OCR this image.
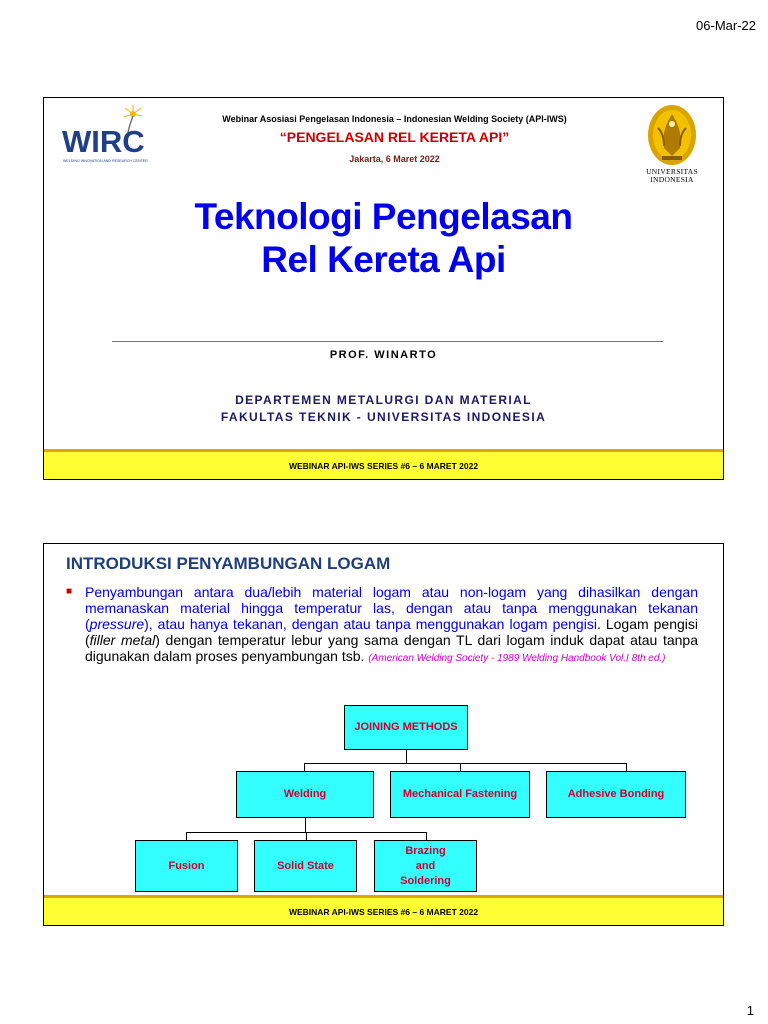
06-Mar-22
WIRC
WELDING INNOVATION AND RESEARCH CENTER
Webinar Asosiasi Pengelasan Indonesia – Indonesian Welding Society (API-IWS)
“PENGELASAN REL KERETA API”
Jakarta, 6 Maret 2022
UNIVERSITAS
INDONESIA
Teknologi Pengelasan
Rel Kereta Api
PROF. WINARTO
DEPARTEMEN METALURGI DAN MATERIAL
FAKULTAS TEKNIK - UNIVERSITAS INDONESIA
WEBINAR API-IWS SERIES #6 – 6 MARET 2022
INTRODUKSI PENYAMBUNGAN LOGAM
■ Penyambungan antara dua/lebih material logam atau non-logam yang dihasilkan dengan memanaskan material hingga temperatur las, dengan atau tanpa menggunakan tekanan (pressure), atau hanya tekanan, dengan atau tanpa menggunakan logam pengisi. Logam pengisi (filler metal) dengan temperatur lebur yang sama dengan TL dari logam induk dapat atau tanpa digunakan dalam proses penyambungan tsb. (American Welding Society - 1989 Welding Handbook Vol.I 8th ed.)
JOINING METHODS
Welding	Mechanical Fastening	Adhesive Bonding
Fusion	Solid State
Brazing
and
Soldering
WEBINAR API-IWS SERIES #6 – 6 MARET 2022
1
